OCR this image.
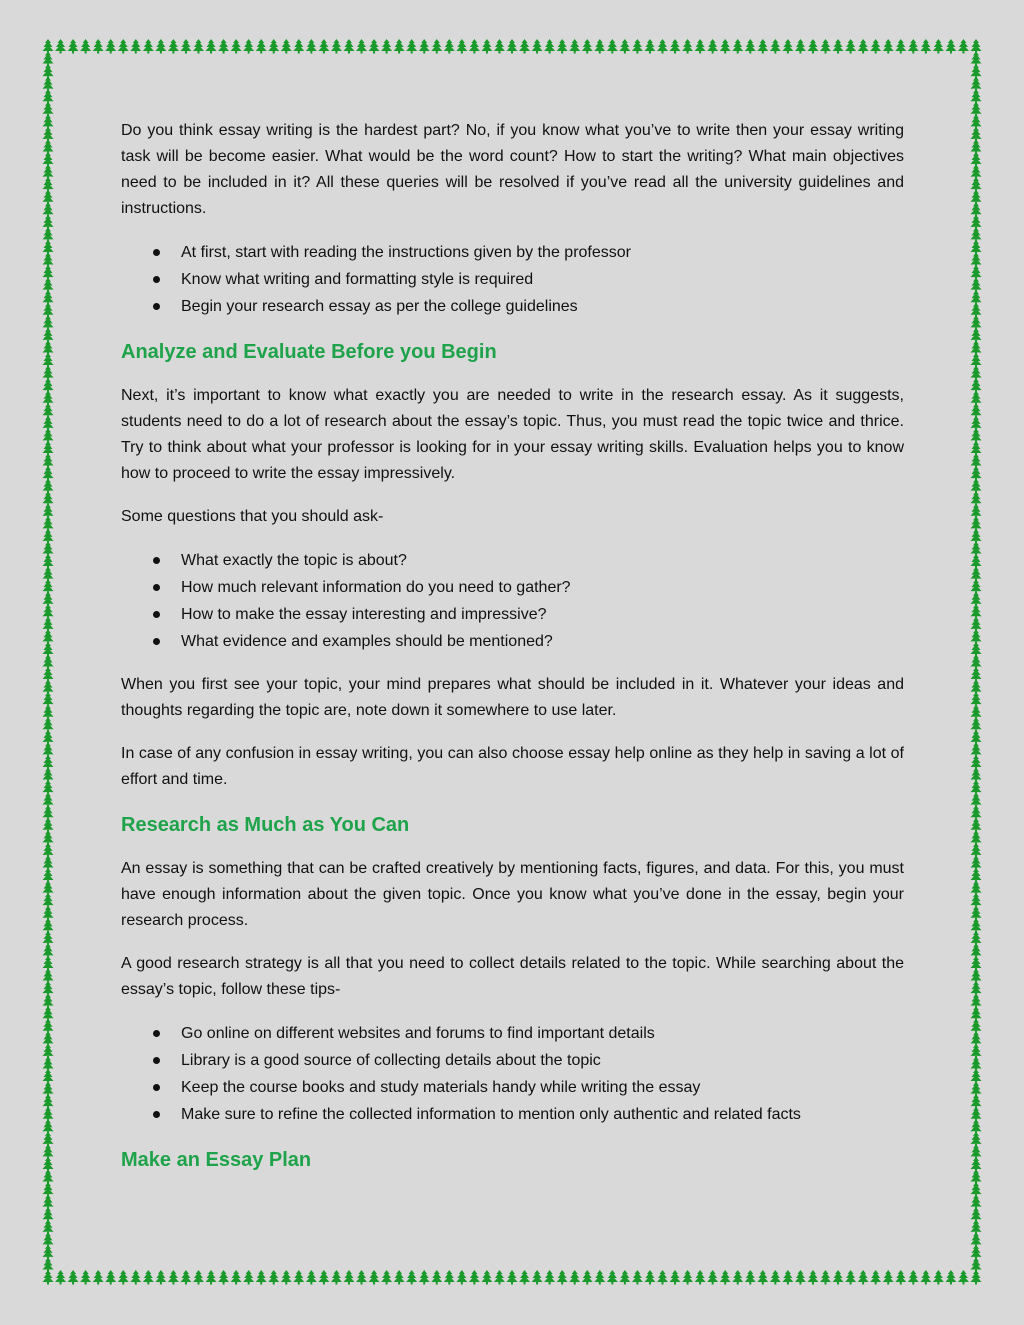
Do you think essay writing is the hardest part? No, if you know what you’ve to write then your essay writing task will be become easier. What would be the word count? How to start the writing? What main objectives need to be included in it? All these queries will be resolved if you’ve read all the university guidelines and instructions.

At first, start with reading the instructions given by the professor
Know what writing and formatting style is required
Begin your research essay as per the college guidelines
Analyze and Evaluate Before you Begin

Next, it’s important to know what exactly you are needed to write in the research essay. As it suggests, students need to do a lot of research about the essay’s topic. Thus, you must read the topic twice and thrice. Try to think about what your professor is looking for in your essay writing skills. Evaluation helps you to know how to proceed to write the essay impressively.

Some questions that you should ask-

What exactly the topic is about?
How much relevant information do you need to gather?
How to make the essay interesting and impressive?
What evidence and examples should be mentioned?

When you first see your topic, your mind prepares what should be included in it. Whatever your ideas and thoughts regarding the topic are, note down it somewhere to use later.

In case of any confusion in essay writing, you can also choose essay help online as they help in saving a lot of effort and time.

Research as Much as You Can

An essay is something that can be crafted creatively by mentioning facts, figures, and data. For this, you must have enough information about the given topic. Once you know what you’ve done in the essay, begin your research process.

A good research strategy is all that you need to collect details related to the topic. While searching about the essay’s topic, follow these tips-

Go online on different websites and forums to find important details
Library is a good source of collecting details about the topic
Keep the course books and study materials handy while writing the essay
Make sure to refine the collected information to mention only authentic and related facts
Make an Essay Plan
